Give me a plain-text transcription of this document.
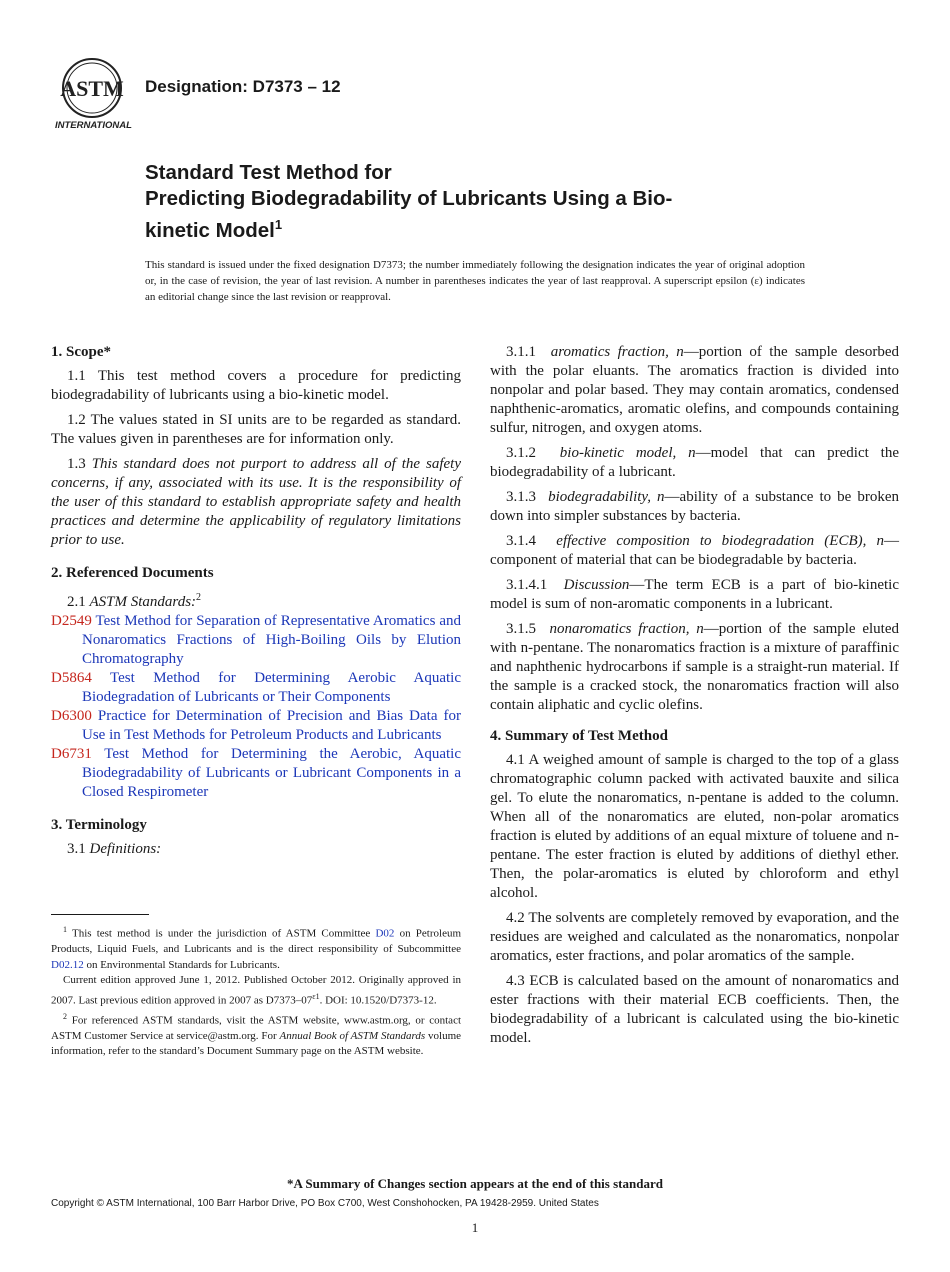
ASTM
INTERNATIONAL
Designation: D7373 – 12
Standard Test Method for
Predicting Biodegradability of Lubricants Using a Bio-
kinetic Model$^1$
This standard is issued under the fixed designation D7373; the number immediately following the designation indicates the year of original adoption or, in the case of revision, the year of last revision. A number in parentheses indicates the year of last reapproval. A superscript epsilon (ε) indicates an editorial change since the last revision or reapproval.
1. Scope*

1.1 This test method covers a procedure for predicting biodegradability of lubricants using a bio-kinetic model.

1.2 The values stated in SI units are to be regarded as standard. The values given in parentheses are for information only.

1.3 This standard does not purport to address all of the safety concerns, if any, associated with its use. It is the responsibility of the user of this standard to establish appropriate safety and health practices and determine the applicability of regulatory limitations prior to use.

2. Referenced Documents

2.1 ASTM Standards:$^2$

D2549 Test Method for Separation of Representative Aromatics and Nonaromatics Fractions of High-Boiling Oils by Elution Chromatography
D5864 Test Method for Determining Aerobic Aquatic Biodegradation of Lubricants or Their Components
D6300 Practice for Determination of Precision and Bias Data for Use in Test Methods for Petroleum Products and Lubricants
D6731 Test Method for Determining the Aerobic, Aquatic Biodegradability of Lubricants or Lubricant Components in a Closed Respirometer
3. Terminology

3.1 Definitions:

$^1$ This test method is under the jurisdiction of ASTM Committee D02 on Petroleum Products, Liquid Fuels, and Lubricants and is the direct responsibility of Subcommittee D02.12 on Environmental Standards for Lubricants.

Current edition approved June 1, 2012. Published October 2012. Originally approved in 2007. Last previous edition approved in 2007 as $D7373-07^{\varepsilon 1}$. DOI: 10.1520/D7373-12.

$^2$ For referenced ASTM standards, visit the ASTM website, www.astm.org, or contact ASTM Customer Service at service@astm.org. For Annual Book of ASTM Standards volume information, refer to the standard’s Document Summary page on the ASTM website.

3.1.1 aromatics fraction, n—portion of the sample desorbed with the polar eluants. The aromatics fraction is divided into nonpolar and polar based. They may contain aromatics, condensed naphthenic-aromatics, aromatic olefins, and compounds containing sulfur, nitrogen, and oxygen atoms.

3.1.2 bio-kinetic model, n—model that can predict the biodegradability of a lubricant.

3.1.3 biodegradability, n—ability of a substance to be broken down into simpler substances by bacteria.

3.1.4 effective composition to biodegradation (ECB), n—component of material that can be biodegradable by bacteria.

3.1.4.1 Discussion—The term ECB is a part of bio-kinetic model is sum of non-aromatic components in a lubricant.

3.1.5 nonaromatics fraction, n—portion of the sample eluted with n-pentane. The nonaromatics fraction is a mixture of paraffinic and naphthenic hydrocarbons if sample is a straight-run material. If the sample is a cracked stock, the nonaromatics fraction will also contain aliphatic and cyclic olefins.

4. Summary of Test Method

4.1 A weighed amount of sample is charged to the top of a glass chromatographic column packed with activated bauxite and silica gel. To elute the nonaromatics, n-pentane is added to the column. When all of the nonaromatics are eluted, non-polar aromatics fraction is eluted by additions of an equal mixture of toluene and n-pentane. The ester fraction is eluted by additions of diethyl ether. Then, the polar-aromatics is eluted by chloroform and ethyl alcohol.

4.2 The solvents are completely removed by evaporation, and the residues are weighed and calculated as the nonaromatics, nonpolar aromatics, ester fractions, and polar aromatics of the sample.

4.3 ECB is calculated based on the amount of nonaromatics and ester fractions with their material ECB coefficients. Then, the biodegradability of a lubricant is calculated using the bio-kinetic model.

*A Summary of Changes section appears at the end of this standard
Copyright © ASTM International, 100 Barr Harbor Drive, PO Box C700, West Conshohocken, PA 19428-2959. United States
1
